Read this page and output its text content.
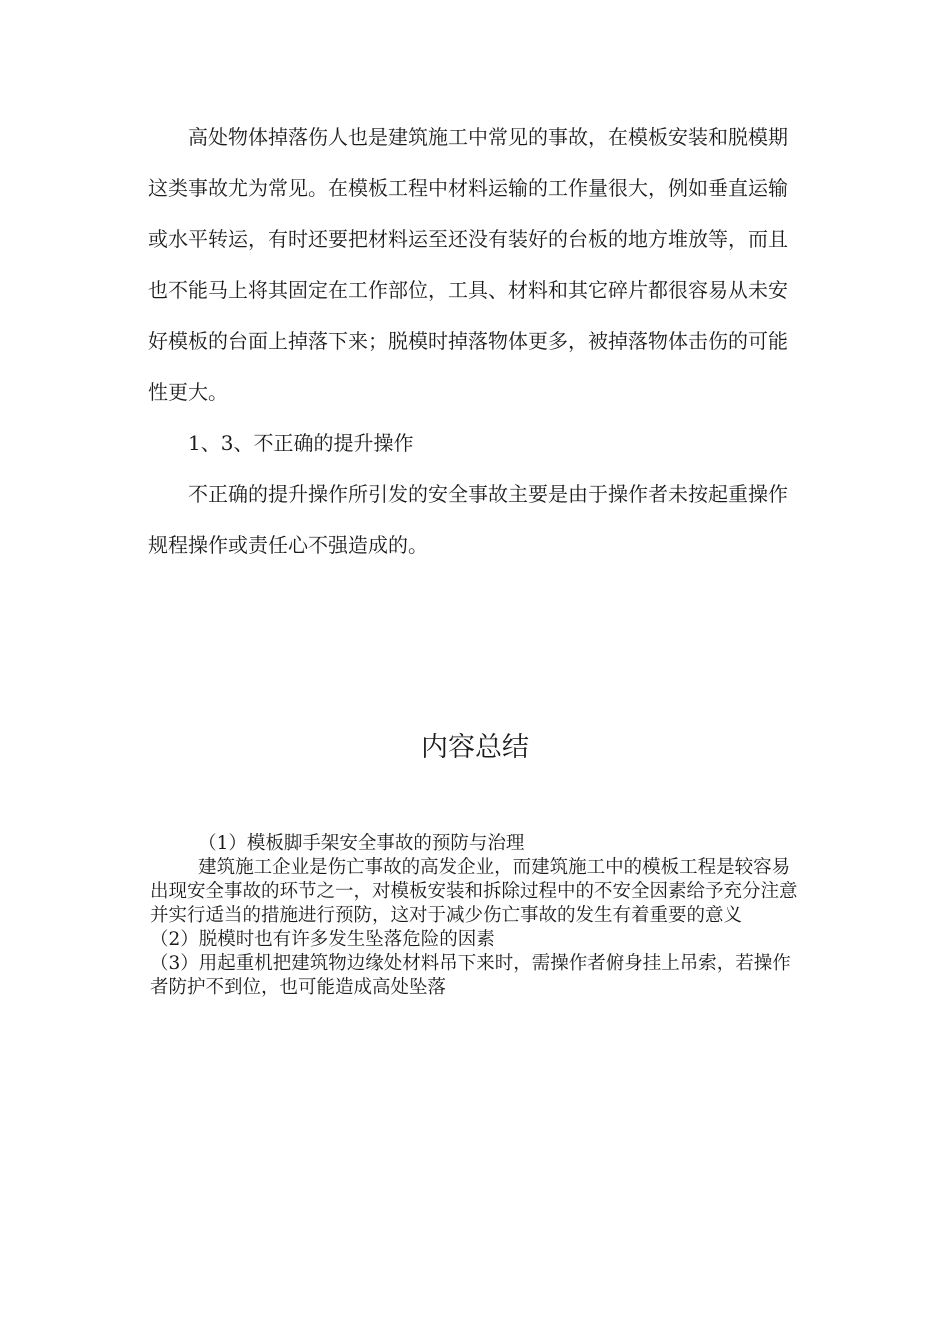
高处物体掉落伤人也是建筑施工中常见的事故，在模板安装和脱模期这类事故尤为常见。在模板工程中材料运输的工作量很大，例如垂直运输或水平转运，有时还要把材料运至还没有装好的台板的地方堆放等，而且也不能马上将其固定在工作部位，工具、材料和其它碎片都很容易从未安好模板的台面上掉落下来；脱模时掉落物体更多，被掉落物体击伤的可能性更大。

1、3、不正确的提升操作

不正确的提升操作所引发的安全事故主要是由于操作者未按起重操作规程操作或责任心不强造成的。

内容总结

（1）模板脚手架安全事故的预防与治理

建筑施工企业是伤亡事故的高发企业，而建筑施工中的模板工程是较容易出现安全事故的环节之一，对模板安装和拆除过程中的不安全因素给予充分注意并实行适当的措施进行预防，这对于减少伤亡事故的发生有着重要的意义

（2）脱模时也有许多发生坠落危险的因素

（3）用起重机把建筑物边缘处材料吊下来时，需操作者俯身挂上吊索，若操作者防护不到位，也可能造成高处坠落
